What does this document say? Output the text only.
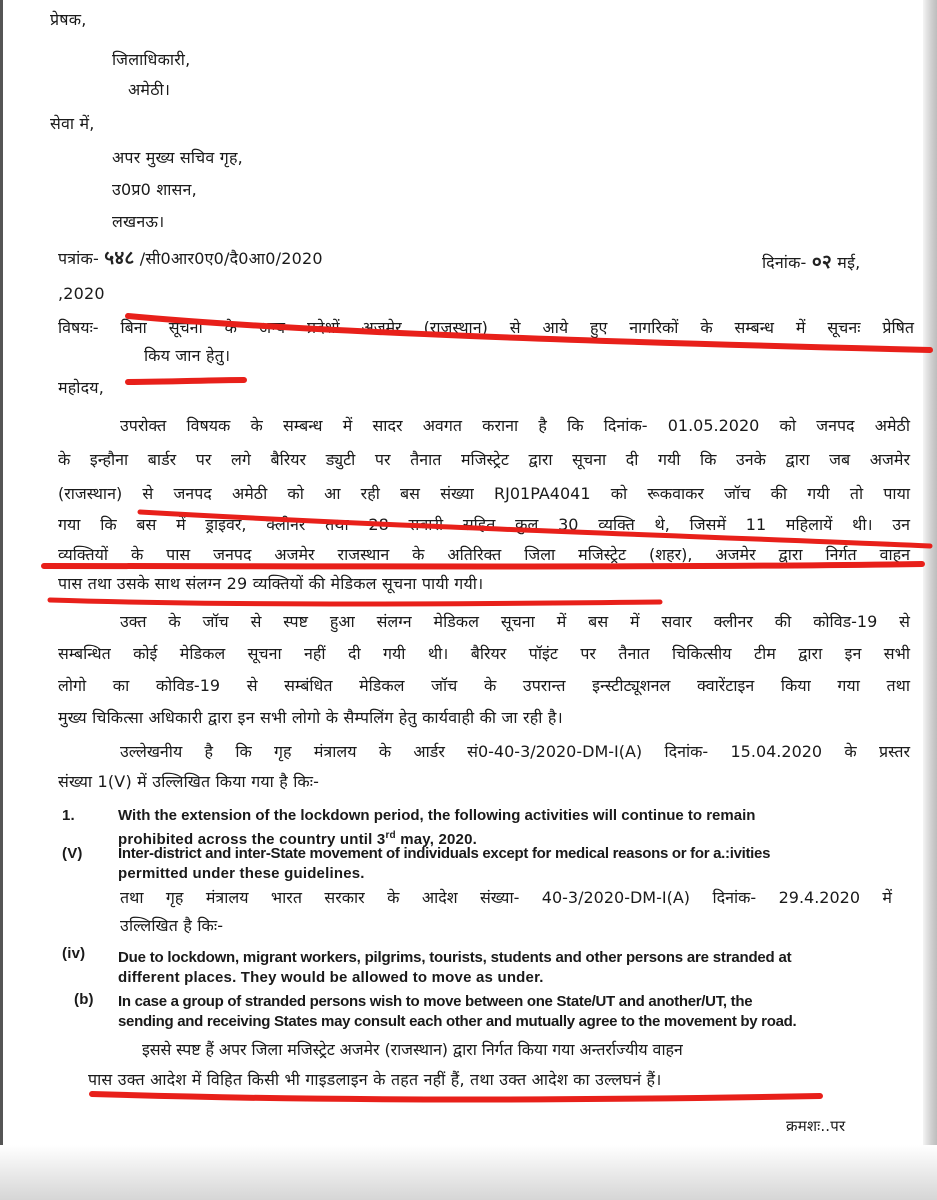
प्रेषक,
जिलाधिकारी,
अमेठी।
सेवा में,
अपर मुख्य सचिव गृह,
उ0प्र0 शासन,
लखनऊ।
पत्रांक- ५४८ /सी0आर0ए0/दै0आ0/2020	दिनांक- ०२ मई,
,2020
विषयः- बिना सूचना के अन्य प्रदेशों अजमेर (राजस्थान) से आये हुए नागरिकों के सम्बन्ध में सूचनः प्रेषित
किय जान हेतु।
महोदय,
उपरोक्त विषयक के सम्बन्ध में सादर अवगत कराना है कि दिनांक- 01.05.2020 को जनपद अमेठी
के इन्हौना बार्डर पर लगे बैरियर ड्युटी पर तैनात मजिस्ट्रेट द्वारा सूचना दी गयी कि उनके द्वारा जब अजमेर
(राजस्थान) से जनपद अमेठी को आ रही बस संख्या RJ01PA4041 को रूकवाकर जॉच की गयी तो पाया
गया कि बस में ड्राइवर, क्लीनर तथा 28 सवारी सहित कुल 30 व्यक्ति थे, जिसमें 11 महिलायें थी। उन
व्यक्तियों के पास जनपद अजमेर राजस्थान के अतिरिक्त जिला मजिस्ट्रेट (शहर), अजमेर द्वारा निर्गत वाहन
पास तथा उसके साथ संलग्न 29 व्यक्तियों की मेडिकल सूचना पायी गयी।
उक्त के जॉच से स्पष्ट हुआ संलग्न मेडिकल सूचना में बस में सवार क्लीनर की कोविड-19 से
सम्बन्धित कोई मेडिकल सूचना नहीं दी गयी थी। बैरियर पॉइंट पर तैनात चिकित्सीय टीम द्वारा इन सभी
लोगो का कोविड-19 से सम्बंधित मेडिकल जॉच के उपरान्त इन्स्टीट्यूशनल क्वारेंटाइन किया गया तथा
मुख्य चिकित्सा अधिकारी द्वारा इन सभी लोगो के सैम्पलिंग हेतु कार्यवाही की जा रही है।
उल्लेखनीय है कि गृह मंत्रालय के आर्डर सं0-40-3/2020-DM-I(A) दिनांक- 15.04.2020 के प्रस्तर
संख्या 1(V) में उल्लिखित किया गया है किः-
1.	With the extension of the lockdown period, the following activities will continue to remain
prohibited across the country until 3rd may, 2020.
(V) Inter-district and inter-State movement of individuals except for medical reasons or for a.:ivities
permitted under these guidelines.
तथा गृह मंत्रालय भारत सरकार के आदेश संख्या- 40-3/2020-DM-I(A) दिनांक- 29.4.2020 में
उल्लिखित है किः-
(iv) Due to lockdown, migrant workers, pilgrims, tourists, students and other persons are stranded at
different places. They would be allowed to move as under.
(b) In case a group of stranded persons wish to move between one State/UT and another/UT, the
sending and receiving States may consult each other and mutually agree to the movement by road.
इससे स्पष्ट हैं अपर जिला मजिस्ट्रेट अजमेर (राजस्थान) द्वारा निर्गत किया गया अन्तर्राज्यीय वाहन
पास उक्त आदेश में विहित किसी भी गाइडलाइन के तहत नहीं हैं, तथा उक्त आदेश का उल्लघनं हैं।
क्रमशः..पर
